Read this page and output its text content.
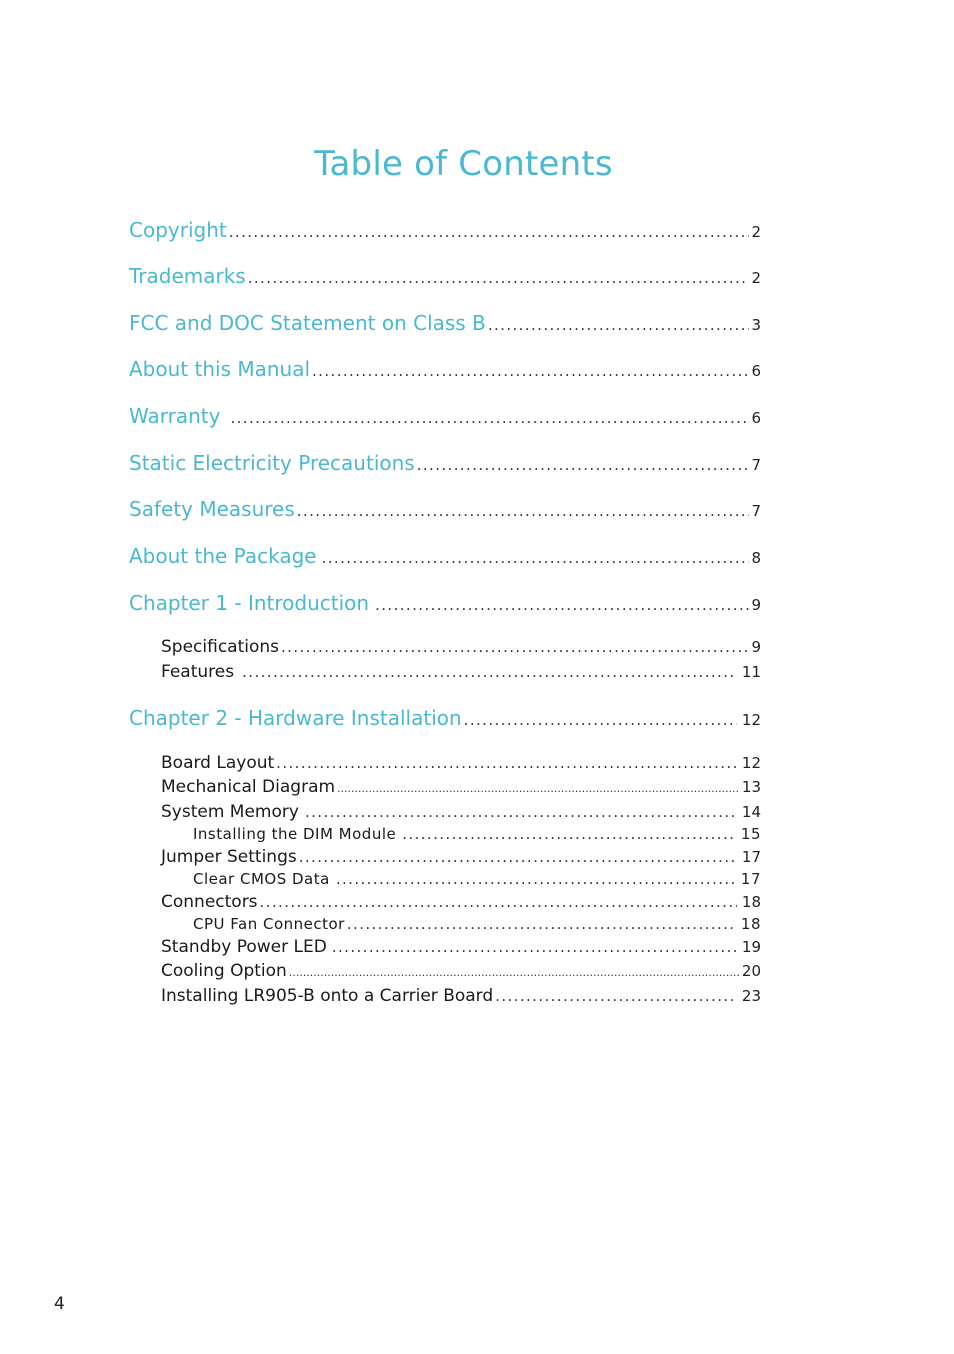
Table of Contents
Copyright .....	2
Trademarks .....	2
FCC and DOC Statement on Class B .....	3
About this Manual .....	6
Warranty .....	6
Static Electricity Precautions .....	7
Safety Measures .....	7
About the Package .....	8
Chapter 1 - Introduction .....	9
Specifications .....	9
Features .....	11
Chapter 2 - Hardware Installation .....	12
Board Layout .....	12
Mechanical Diagram .....	13
System Memory .....	14
Installing the DIM Module .....	15
Jumper Settings .....	17
Clear CMOS Data .....	17
Connectors .....	18
CPU Fan Connector .....	18
Standby Power LED .....	19
Cooling Option .....	20
Installing LR905-B onto a Carrier Board .....	23
4
